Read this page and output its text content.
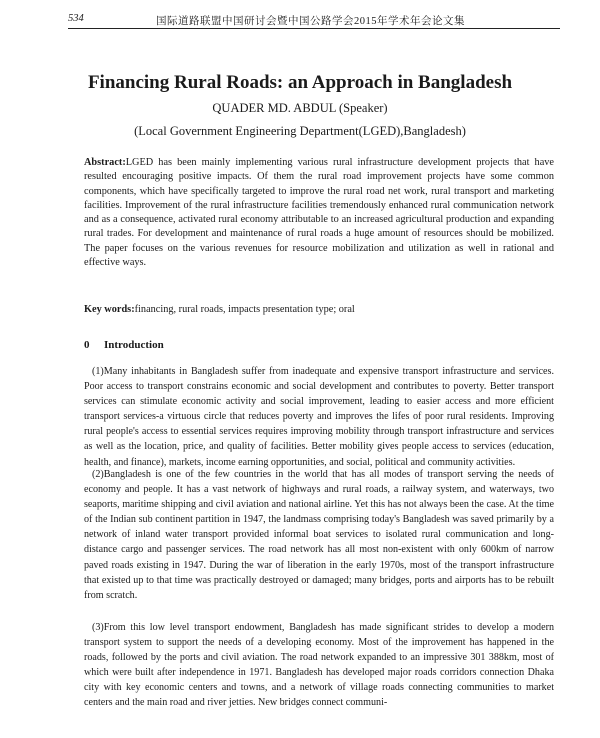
534	国际道路联盟中国研讨会暨中国公路学会2015年学术年会论文集
Financing Rural Roads: an Approach in Bangladesh
QUADER MD. ABDUL (Speaker)
(Local Government Engineering Department(LGED),Bangladesh)
Abstract:LGED has been mainly implementing various rural infrastructure development projects that have resulted encouraging positive impacts. Of them the rural road improvement projects have some common components, which have specifically targeted to improve the rural road net work, rural transport and marketing facilities. Improvement of the rural infrastructure facilities tremendously enhanced rural communication network and as a consequence, activated rural economy attributable to an increased agricultural production and expanding rural trades. For development and maintenance of rural roads a huge amount of resources should be mobilized. The paper focuses on the various revenues for resource mobilization and utilization as well in rational and effective ways.
Key words:financing, rural roads, impacts presentation type; oral
0 Introduction

(1)Many inhabitants in Bangladesh suffer from inadequate and expensive transport infrastructure and services. Poor access to transport constrains economic and social development and contributes to poverty. Better transport services can stimulate economic activity and social improvement, leading to easier access and more efficient transport services-a virtuous circle that reduces poverty and improves the lifes of poor rural residents. Improving rural people's access to essential services requires improving mobility through transport infrastructure and services as well as the location, price, and quality of facilities. Better mobility gives people access to services (education, health, and finance), markets, income earning opportunities, and social, political and community activities.

(2)Bangladesh is one of the few countries in the world that has all modes of transport serving the needs of economy and people. It has a vast network of highways and rural roads, a railway system, and waterways, two seaports, maritime shipping and civil aviation and national airline. Yet this has not always been the case. At the time of the Indian sub continent partition in 1947, the landmass comprising today's Bangladesh was saved primarily by a network of inland water transport provided informal boat services to isolated rural communication and long-distance cargo and passenger services. The road network has all most non-existent with only 600km of narrow paved roads existing in 1947. During the war of liberation in the early 1970s, most of the transport infrastructure that existed up to that time was practically destroyed or damaged; many bridges, ports and airports has to be rebuilt from scratch.

(3)From this low level transport endowment, Bangladesh has made significant strides to develop a modern transport system to support the needs of a developing economy. Most of the improvement has happened in the roads, followed by the ports and civil aviation. The road network expanded to an impressive 301 388km, most of which were built after independence in 1971. Bangladesh has developed major roads corridors connection Dhaka city with key economic centers and towns, and a network of village roads connecting communities to market centers and the main road and river jetties. New bridges connect communi-
